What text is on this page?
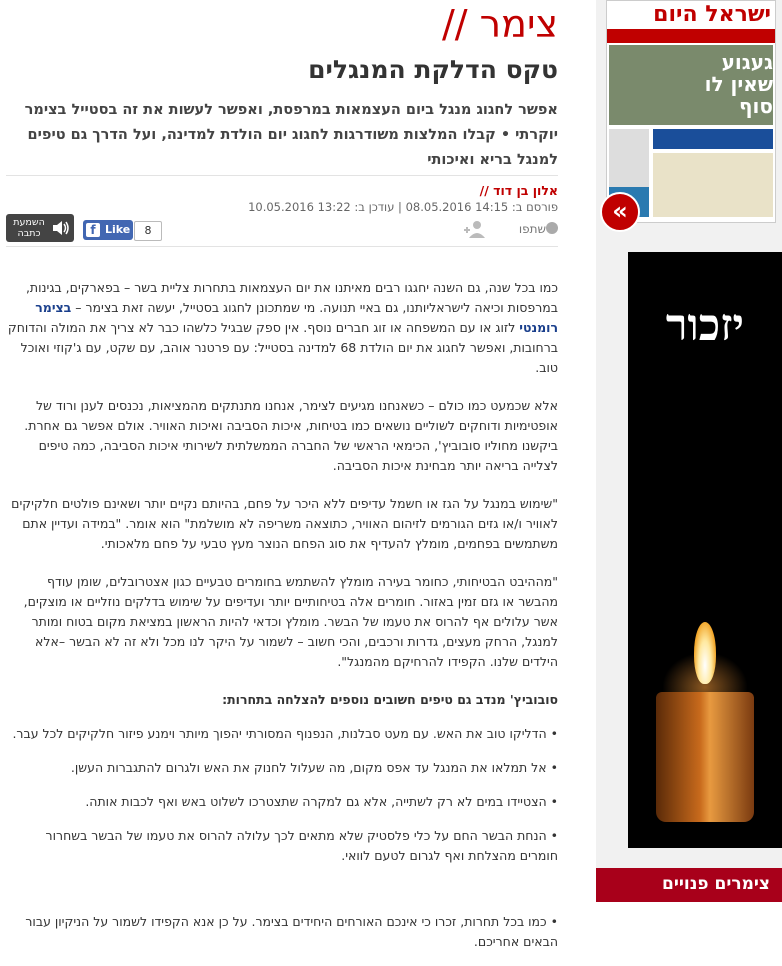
צימר //
טקס הדלקת המנגלים
אפשר לחגוג מנגל ביום העצמאות במרפסת, ואפשר לעשות את זה בסטייל בצימר יוקרתי • קבלו המלצות משודרגות לחגוג יום הולדת למדינה, ועל הדרך גם טיפים למנגל בריא ואיכותי
אלון בן דוד //
פורסם ב: 14:15 08.05.2016 | עודכן ב: 13:22 10.05.2016
שתפו
8
f Like
השמעת כתבה

כמו בכל שנה, גם השנה יחגגו רבים מאיתנו את יום העצמאות בתחרות צליית בשר – בפארקים, בגינות, במרפסות וכיאה לישראליותנו, גם באיי תנועה. מי שמתכונן לחגוג בסטייל, יעשה זאת בצימר – בצימר רומנטי לזוג או עם המשפחה או זוג חברים נוסף. אין ספק שבגיל כלשהו כבר לא צריך את המולה והדוחק ברחובות, ואפשר לחגוג את יום הולדת 68 למדינה בסטייל: עם פרטנר אוהב, עם שקט, עם ג'קוזי ואוכל טוב.

אלא שכמעט כמו כולם – כשאנחנו מגיעים לצימר, אנחנו מתנתקים מהמציאות, נכנסים לענן ורוד של אופטימיות ודוחקים לשוליים נושאים כמו בטיחות, איכות הסביבה ואיכות האוויר. אולם אפשר גם אחרת. ביקשנו מחוליו סובוביץ', הכימאי הראשי של החברה הממשלתית לשירותי איכות הסביבה, כמה טיפים לצלייה בריאה יותר מבחינת איכות הסביבה.

"שימוש במנגל על הגז או חשמל עדיפים ללא היכר על פחם, בהיותם נקיים יותר ושאינם פולטים חלקיקים לאוויר ו/או גזים הגורמים לזיהום האוויר, כתוצאה משריפה לא מושלמת" הוא אומר. "במידה ועדיין אתם משתמשים בפחמים, מומלץ להעדיף את סוג הפחם הנוצר מעץ טבעי על פחם מלאכותי.

"מההיבט הבטיחותי, כחומר בעירה מומלץ להשתמש בחומרים טבעיים כגון אצטרובלים, שומן עודף מהבשר או גזם זמין באזור. חומרים אלה בטיחותיים יותר ועדיפים על שימוש בדלקים נוזליים או מוצקים, אשר עלולים אף להרוס את טעמו של הבשר. מומלץ וכדאי להיות הראשון במציאת מקום בטוח ומותר למנגל, הרחק מעצים, גדרות ורכבים, והכי חשוב – לשמור על היקר לנו מכל ולא זה לא הבשר –אלא הילדים שלנו. הקפידו להרחיקם מהמנגל".

סובוביץ' מנדב גם טיפים חשובים נוספים להצלחה בתחרות:
• הדליקו טוב את האש. עם מעט סבלנות, הנפנוף המסורתי יהפוך מיותר וימנע פיזור חלקיקים לכל עבר.
• אל תמלאו את המנגל עד אפס מקום, מה שעלול לחנוק את האש ולגרום להתגברות העשן.
• הצטיידו במים לא רק לשתייה, אלא גם למקרה שתצטרכו לשלוט באש ואף לכבות אותה.
• הנחת הבשר החם על כלי פלסטיק שלא מתאים לכך עלולה להרוס את טעמו של הבשר בשחרור חומרים מהצלחת ואף לגרום לטעם לוואי.
• כמו בכל תחרות, זכרו כי אינכם האורחים היחידים בצימר. על כן אנא הקפידו לשמור על הניקיון עבור הבאים אחריכם.
ישראל היום
געגוע שאין לו סוף
«
יזכור
צימרים פנויים
